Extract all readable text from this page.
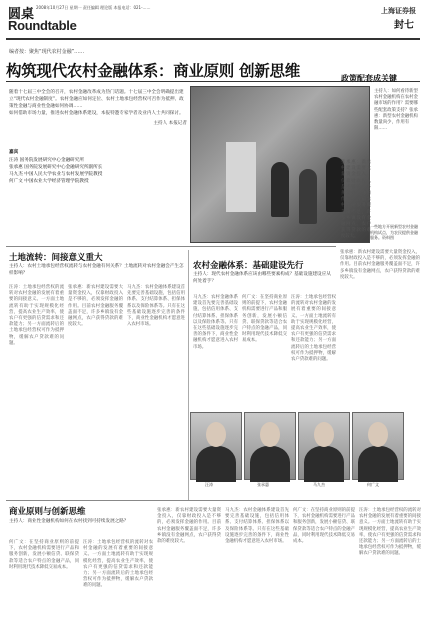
圆桌 2008年10月27日 星期一 责任编辑 理论版 本报电话：021-……
Roundtable
上海证券报
封七
编者按：聚焦“现代农村金融”……
构筑现代农村金融体系：商业原则 创新思维

随着十七届三中全会的召开，农村金融改革成为热门话题。十七届三中全会明确提出建立“现代农村金融制度”。农村金融应如何定位、农村土地承包经营权可否作为抵押、政策性金融与商业性金融如何协调……

如何借助市场力量，推进农村金融体系建设，本报特邀专家学者及业内人士共同探讨。

主持人 本报记者

嘉宾

汪涛 国务院发展研究中心金融研究所

张承惠 国务院发展研究中心金融研究所副所长

马九杰 中国人民大学农业与农村发展学院教授

何广文 中国农业大学经济管理学院教授

一些地方开展新型农村金融机构试点，为农民提供金融服务。资料图
政策配套成关键
主持人：如何看待新型农村金融机构在农村金融市场的作用？需要哪些配套政策支持？张承惠：新型农村金融机构数量尚少，作用有限……
张承惠：新农村建设需要大量资金投入，仅靠财政投入是不够的，必须发挥金融的作用。目前农村金融服务覆盖面不足，许多乡镇没有金融网点，农户获得贷款的难度较大。
土地流转：间接意义重大
主持人：农村土地承包经营权流转与农村金融有何关系？土地流转对农村金融会产生怎样影响？
汪涛：土地承包经营权的流转对农村金融的发展有着重要的间接意义。一方面土地流转有助于实现规模化经营，提高农业生产效率，使农户有更强的信贷需求和还款能力；另一方面流转后的土地承包经营权可作为抵押物，缓解农户贷款难的问题。
张承惠：新农村建设需要大量资金投入，仅靠财政投入是不够的，必须发挥金融的作用。目前农村金融服务覆盖面不足，许多乡镇没有金融网点，农户获得贷款的难度较大。
马九杰：农村金融体系建设首先要完善基础设施，包括信用体系、支付结算体系、担保体系以及保险体系等。只有在这些基础设施逐步完善的条件下，商业性金融机构才愿意进入农村市场。
农村金融体系：基础建设先行
主持人：现代农村金融体系应该由哪些要素构成？基础设施建设应从何处着手？
马九杰：农村金融体系建设首先要完善基础设施，包括信用体系、支付结算体系、担保体系以及保险体系等。只有在这些基础设施逐步完善的条件下，商业性金融机构才愿意进入农村市场。
何广文：在坚持商业原则的前提下，农村金融机构需要进行产品和服务创新，发展小额信贷、联保贷款等适合农户特点的金融产品，同时利用现代技术降低交易成本。
汪涛：土地承包经营权的流转对农村金融的发展有着重要的间接意义。一方面土地流转有助于实现规模化经营，提高农业生产效率，使农户有更强的信贷需求和还款能力；另一方面流转后的土地承包经营权可作为抵押物，缓解农户贷款难的问题。
张承惠：新农村建设需要大量资金投入，仅靠财政投入是不够的，必须发挥金融的作用。目前农村金融服务覆盖面不足，许多乡镇没有金融网点，农户获得贷款的难度较大。
汪涛	张承惠	马九杰	何广文
商业原则与创新思维
主持人：商业性金融机构如何在农村找到可持续发展之路？
何广文：在坚持商业原则的前提下，农村金融机构需要进行产品和服务创新，发展小额信贷、联保贷款等适合农户特点的金融产品，同时利用现代技术降低交易成本。
汪涛：土地承包经营权的流转对农村金融的发展有着重要的间接意义。一方面土地流转有助于实现规模化经营，提高农业生产效率，使农户有更强的信贷需求和还款能力；另一方面流转后的土地承包经营权可作为抵押物，缓解农户贷款难的问题。
张承惠：新农村建设需要大量资金投入，仅靠财政投入是不够的，必须发挥金融的作用。目前农村金融服务覆盖面不足，许多乡镇没有金融网点，农户获得贷款的难度较大。
马九杰：农村金融体系建设首先要完善基础设施，包括信用体系、支付结算体系、担保体系以及保险体系等。只有在这些基础设施逐步完善的条件下，商业性金融机构才愿意进入农村市场。
何广文：在坚持商业原则的前提下，农村金融机构需要进行产品和服务创新，发展小额信贷、联保贷款等适合农户特点的金融产品，同时利用现代技术降低交易成本。
汪涛：土地承包经营权的流转对农村金融的发展有着重要的间接意义。一方面土地流转有助于实现规模化经营，提高农业生产效率，使农户有更强的信贷需求和还款能力；另一方面流转后的土地承包经营权可作为抵押物，缓解农户贷款难的问题。
